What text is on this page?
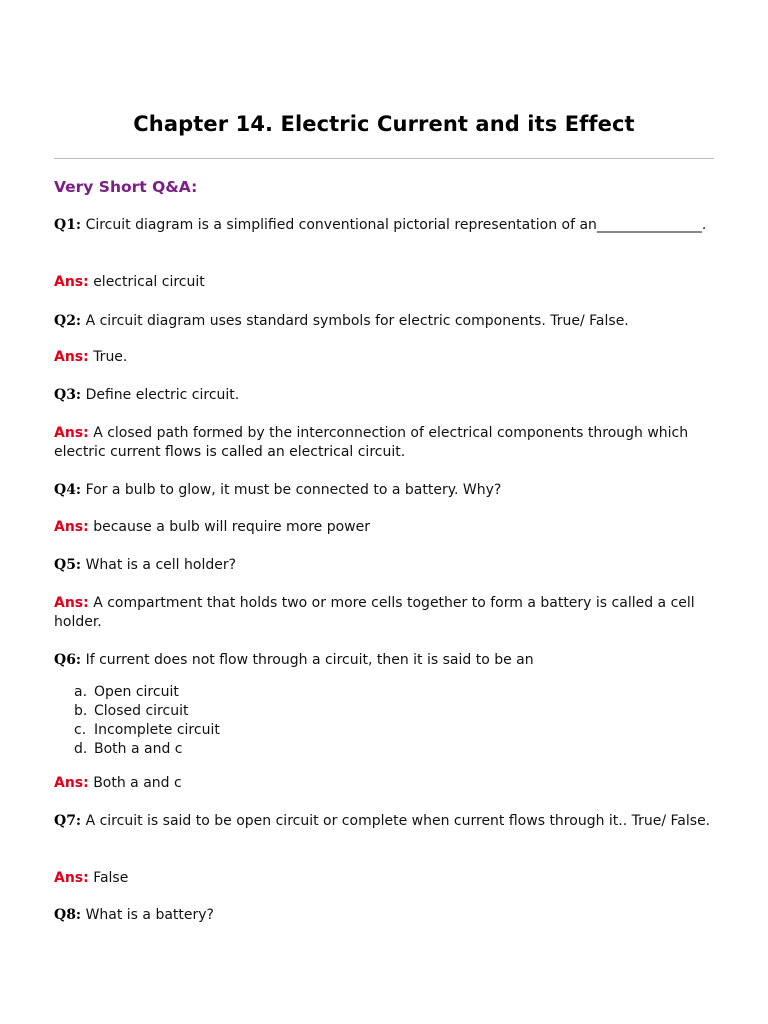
Chapter 14. Electric Current and its Effect
Very Short Q&A:
Q1: Circuit diagram is a simplified conventional pictorial representation of an_______________.
Ans: electrical circuit
Q2: A circuit diagram uses standard symbols for electric components. True/ False.
Ans: True.
Q3: Define electric circuit.
Ans: A closed path formed by the interconnection of electrical components through which electric current flows is called an electrical circuit.
Q4: For a bulb to glow, it must be connected to a battery. Why?
Ans: because a bulb will require more power
Q5: What is a cell holder?
Ans: A compartment that holds two or more cells together to form a battery is called a cell holder.
Q6: If current does not flow through a circuit, then it is said to be an
a. Open circuit
b. Closed circuit
c. Incomplete circuit
d. Both a and c
Ans: Both a and c
Q7: A circuit is said to be open circuit or complete when current flows through it.. True/ False.
Ans: False
Q8: What is a battery?
